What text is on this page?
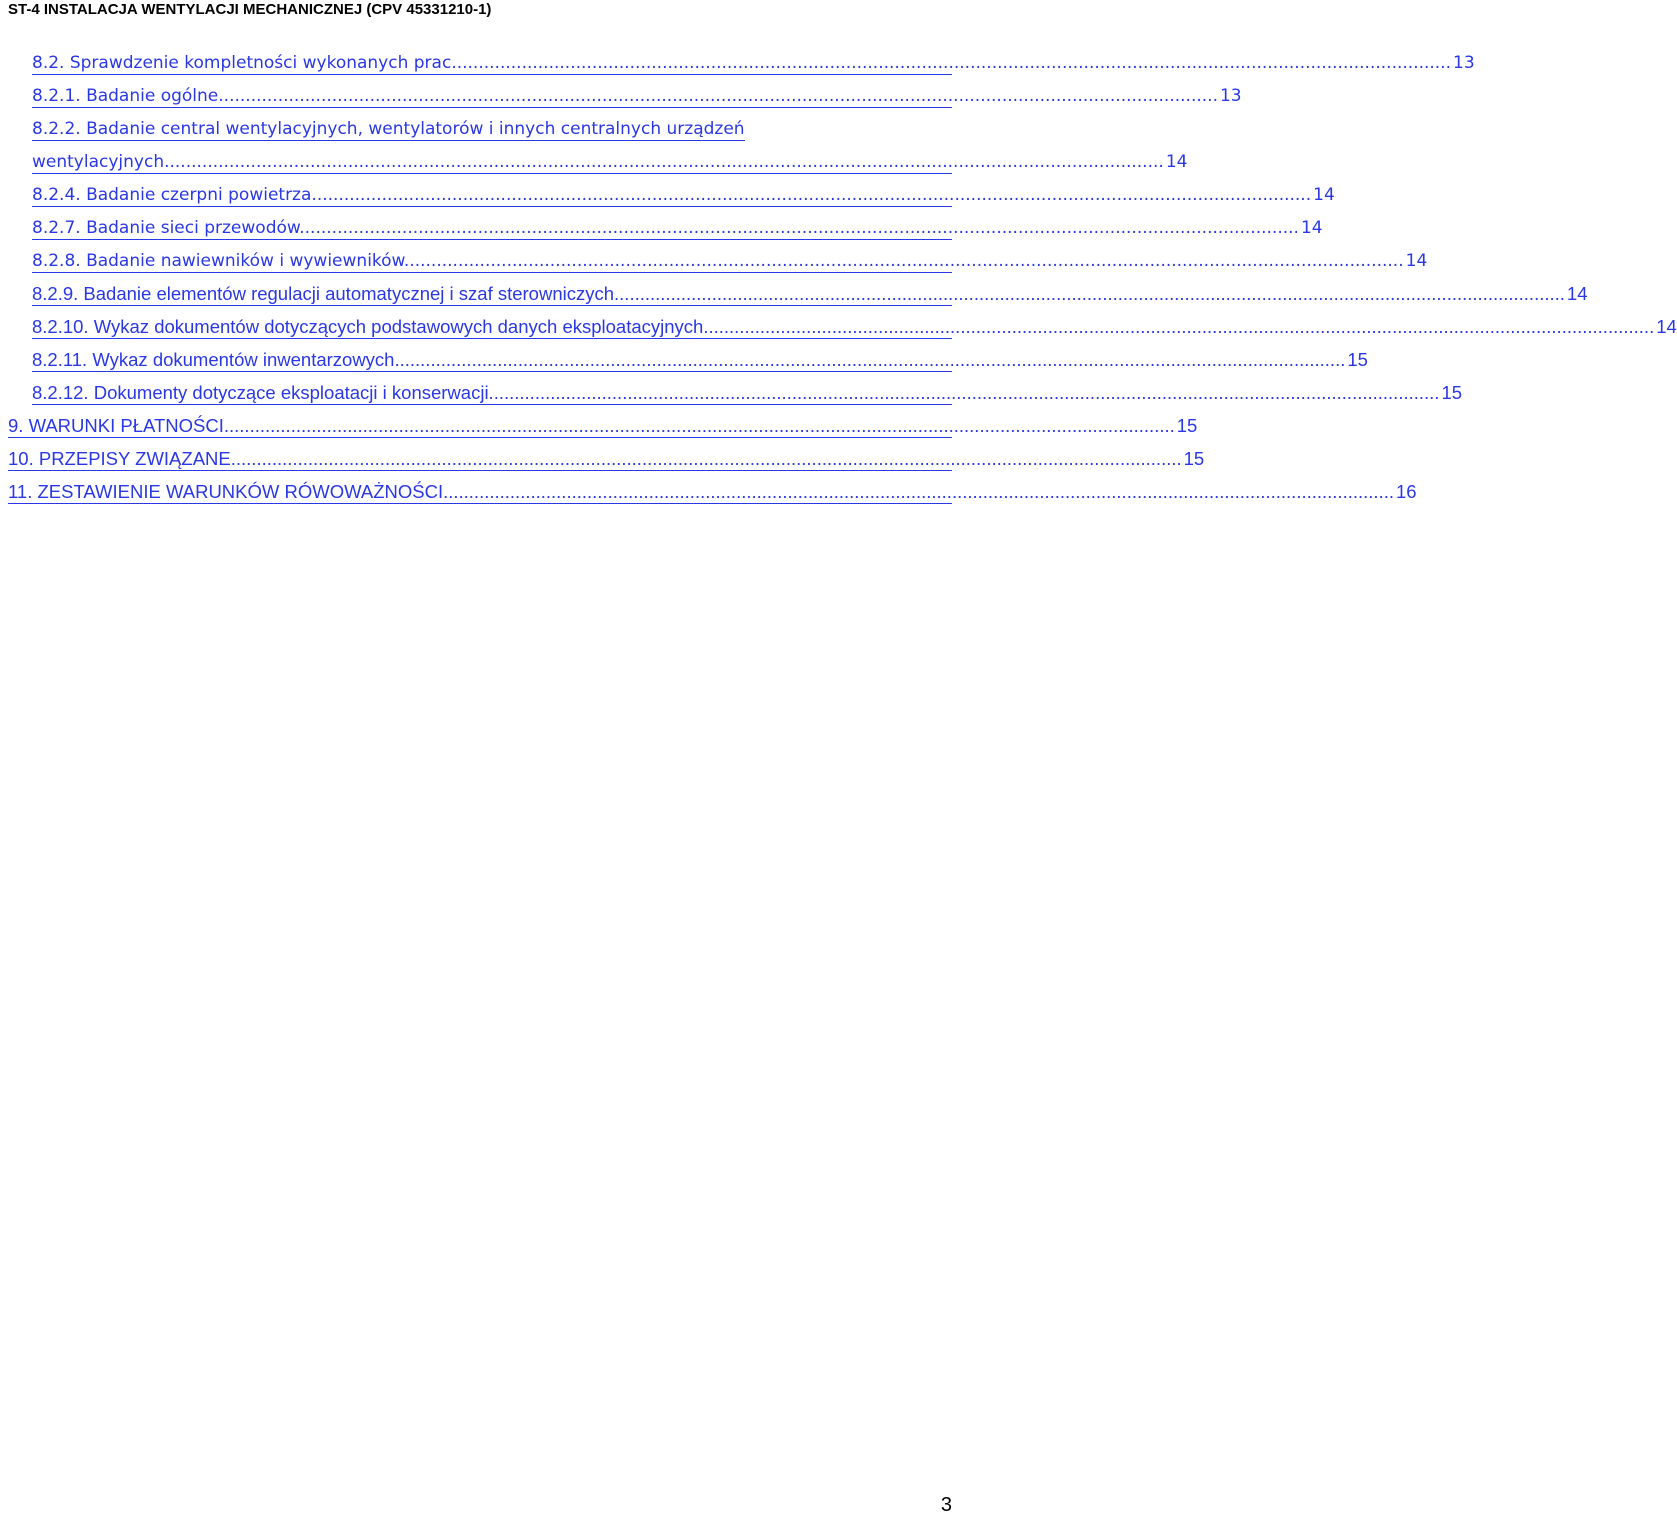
ST-4 INSTALACJA WENTYLACJI MECHANICZNEJ (CPV 45331210-1)
8.2. Sprawdzenie kompletności wykonanych prac. ........................................................................................................................................................................................ 13
8.2.1. Badanie ogólne. ........................................................................................................................................................................................ 13
8.2.2. Badanie central wentylacyjnych, wentylatorów i innych centralnych urządzeń
wentylacyjnych. ........................................................................................................................................................................................ 14
8.2.4. Badanie czerpni powietrza. ........................................................................................................................................................................................ 14
8.2.7. Badanie sieci przewodów. ........................................................................................................................................................................................ 14
8.2.8. Badanie nawiewników i wywiewników. ........................................................................................................................................................................................ 14
8.2.9. Badanie elementów regulacji automatycznej i szaf sterowniczych. ........................................................................................................................................................................................ 14
8.2.10. Wykaz dokumentów dotyczących podstawowych danych eksploatacyjnych. ........................................................................................................................................................................................ 14
8.2.11. Wykaz dokumentów inwentarzowych. ........................................................................................................................................................................................ 15
8.2.12. Dokumenty dotyczące eksploatacji i konserwacji. ........................................................................................................................................................................................ 15
9. WARUNKI PŁATNOŚCI. ........................................................................................................................................................................................ 15
10. PRZEPISY ZWIĄZANE. ........................................................................................................................................................................................ 15
11. ZESTAWIENIE WARUNKÓW RÓWOWAŻNOŚCI. ........................................................................................................................................................................................ 16
3
